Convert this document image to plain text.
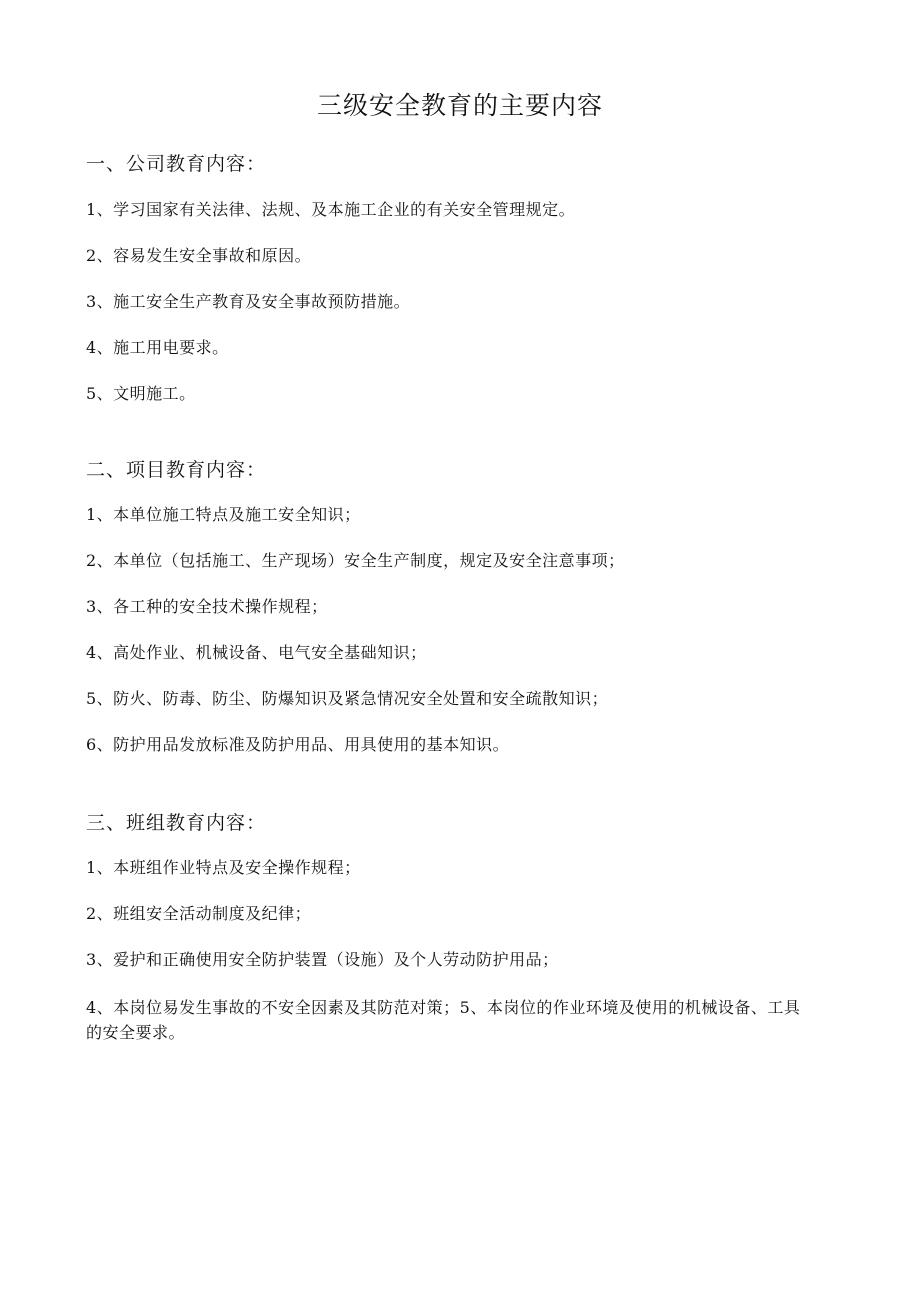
三级安全教育的主要内容
一、公司教育内容：

1、学习国家有关法律、法规、及本施工企业的有关安全管理规定。

2、容易发生安全事故和原因。

3、施工安全生产教育及安全事故预防措施。

4、施工用电要求。

5、文明施工。

二、项目教育内容：

1、本单位施工特点及施工安全知识；

2、本单位（包括施工、生产现场）安全生产制度，规定及安全注意事项；

3、各工种的安全技术操作规程；

4、高处作业、机械设备、电气安全基础知识；

5、防火、防毒、防尘、防爆知识及紧急情况安全处置和安全疏散知识；

6、防护用品发放标准及防护用品、用具使用的基本知识。

三、班组教育内容：

1、本班组作业特点及安全操作规程；

2、班组安全活动制度及纪律；

3、爱护和正确使用安全防护装置（设施）及个人劳动防护用品；

4、本岗位易发生事故的不安全因素及其防范对策；5、本岗位的作业环境及使用的机械设备、工具的安全要求。
